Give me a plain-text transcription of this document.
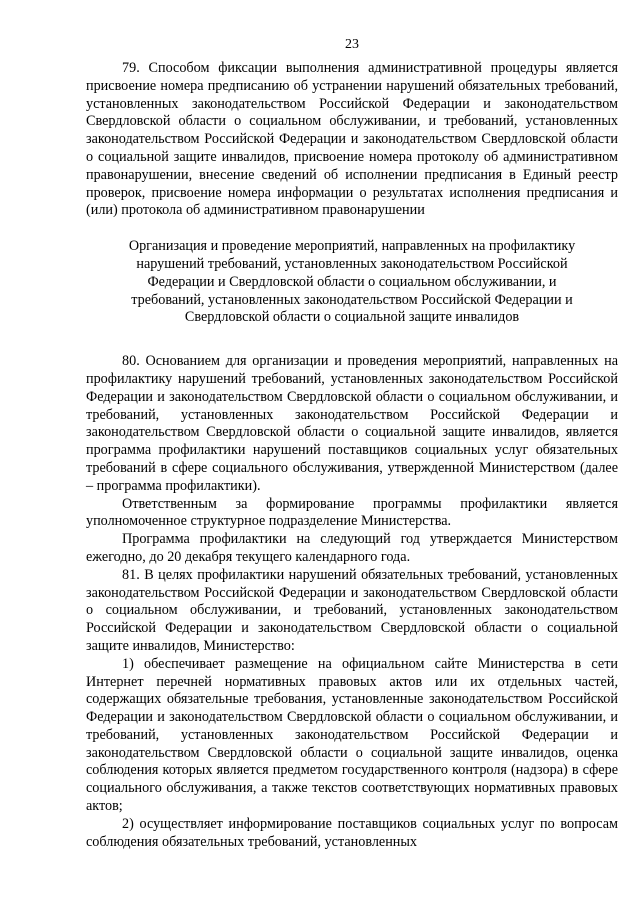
23

79. Способом фиксации выполнения административной процедуры является присвоение номера предписанию об устранении нарушений обязательных требований, установленных законодательством Российской Федерации и законодательством Свердловской области о социальном обслуживании, и требований, установленных законодательством Российской Федерации и законодательством Свердловской области о социальной защите инвалидов, присвоение номера протоколу об административном правонарушении, внесение сведений об исполнении предписания в Единый реестр проверок, присвоение номера информации о результатах исполнения предписания и (или) протокола об административном правонарушении

Организация и проведение мероприятий, направленных на профилактику нарушений требований, установленных законодательством Российской Федерации и Свердловской области о социальном обслуживании, и требований, установленных законодательством Российской Федерации и Свердловской области о социальной защите инвалидов

80. Основанием для организации и проведения мероприятий, направленных на профилактику нарушений требований, установленных законодательством Российской Федерации и законодательством Свердловской области о социальном обслуживании, и требований, установленных законодательством Российской Федерации и законодательством Свердловской области о социальной защите инвалидов, является программа профилактики нарушений поставщиков социальных услуг обязательных требований в сфере социального обслуживания, утвержденной Министерством (далее – программа профилактики).

Ответственным за формирование программы профилактики является уполномоченное структурное подразделение Министерства.

Программа профилактики на следующий год утверждается Министерством ежегодно, до 20 декабря текущего календарного года.

81. В целях профилактики нарушений обязательных требований, установленных законодательством Российской Федерации и законодательством Свердловской области о социальном обслуживании, и требований, установленных законодательством Российской Федерации и законодательством Свердловской области о социальной защите инвалидов, Министерство:

1) обеспечивает размещение на официальном сайте Министерства в сети Интернет перечней нормативных правовых актов или их отдельных частей, содержащих обязательные требования, установленные законодательством Российской Федерации и законодательством Свердловской области о социальном обслуживании, и требований, установленных законодательством Российской Федерации и законодательством Свердловской области о социальной защите инвалидов, оценка соблюдения которых является предметом государственного контроля (надзора) в сфере социального обслуживания, а также текстов соответствующих нормативных правовых актов;

2) осуществляет информирование поставщиков социальных услуг по вопросам соблюдения обязательных требований, установленных
